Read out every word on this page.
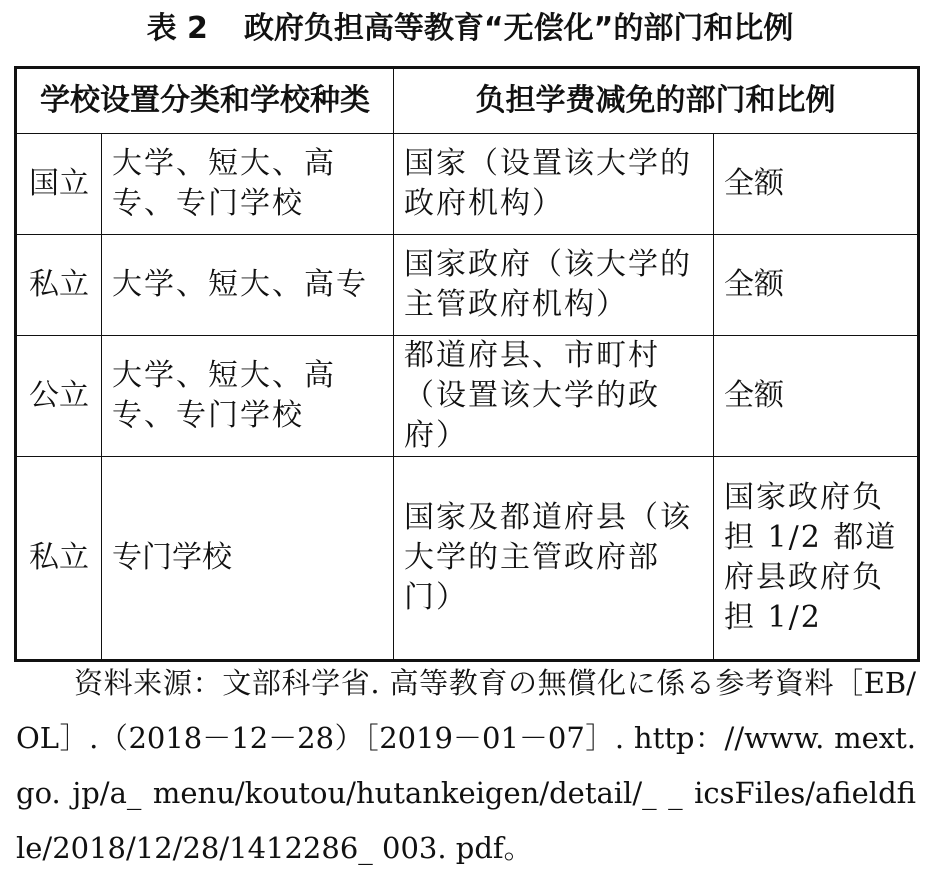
表 2 政府负担高等教育“无偿化”的部门和比例
学校设置分类和学校种类		负担学费减免的部门和比例	
国立	大学、短大、高专、专门学校	国家（设置该大学的政府机构）	全额
私立	大学、短大、高专	国家政府（该大学的主管政府机构）	全额
公立	大学、短大、高专、专门学校	都道府县、市町村（设置该大学的政府）	全额
私立	专门学校	国家及都道府县（该大学的主管政府部门）	国家政府负担 1/2 都道府县政府负担 1/2
资料来源：文部科学省. 高等教育の無償化に係る参考資料［EB/OL］.（2018－12－28）［2019－01－07］. http：//www. mext. go. jp/a_ menu/koutou/hutankeigen/detail/_ _ icsFiles/afieldfile/2018/12/28/1412286_ 003. pdf。
